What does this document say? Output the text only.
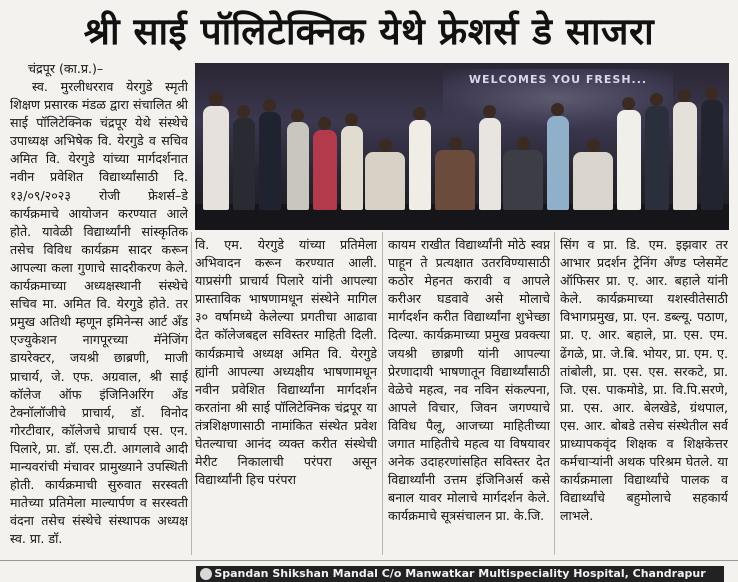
श्री साई पॉलिटेक्निक येथे फ्रेशर्स डे साजरा
चंद्रपूर (का.प्र.)–
स्व. मुरलीधरराव येरगुडे स्मृती शिक्षण प्रसारक मंडळ द्वारा संचालित श्री साई पॉलिटेक्निक चंद्रपूर येथे संस्थेचे उपाध्यक्ष अभिषेक वि. येरगुडे व सचिव अमित वि. येरगुडे यांच्या मार्गदर्शनात नवीन प्रवेशित विद्यार्थ्यांसाठी दि. १३/०९/२०२३ रोजी फ्रेशर्स–डे कार्यक्रमाचे आयोजन करण्यात आले होते. यावेळी विद्यार्थ्यांनी सांस्कृतिक तसेच विविध कार्यक्रम सादर करून आपल्या कला गुणाचे सादरीकरण केले. कार्यक्रमाच्या अध्यक्षस्थानी संस्थेचे सचिव मा. अमित वि. येरगुडे होते. तर प्रमुख अतिथी म्हणून इमिनेन्स आर्ट अँड एज्युकेशन नागपूरच्या मॅनेजिंग डायरेक्टर, जयश्री छाब्रणी, माजी प्राचार्य, जे. एफ. अग्रवाल, श्री साई कॉलेज ऑफ इंजिनिअरिंग अँड टेक्नॉलॉजीचे प्राचार्य, डॉ. विनोद गोरटीवार, कॉलेजचे प्राचार्य एस. एन. पिलारे, प्रा. डॉ. एस.टी. आगलावे आदी मान्यवरांची मंचावर प्रामुख्याने उपस्थिती होती. कार्यक्रमाची सुरुवात सरस्वती मातेच्या प्रतिमेला माल्यार्पण व सरस्वती वंदना तसेच संस्थेचे संस्थापक अध्यक्ष स्व. प्रा. डॉ.
WELCOMES YOU FRESH...
वि. एम. येरगुडे यांच्या प्रतिमेला अभिवादन करून करण्यात आली. याप्रसंगी प्राचार्य पिलारे यांनी आपल्या प्रास्ताविक भाषणामधून संस्थेने मागिल ३० वर्षामध्ये केलेल्या प्रगतीचा आढावा देत कॉलेजबद्दल सविस्तर माहिती दिली. कार्यक्रमाचे अध्यक्ष अमित वि. येरगुडे ह्यांनी आपल्या अध्यक्षीय भाषणामधून नवीन प्रवेशित विद्यार्थ्यांना मार्गदर्शन करतांना श्री साई पॉलिटेक्निक चंद्रपूर या तंत्रशिक्षणासाठी नामांकित संस्थेत प्रवेश घेतल्याचा आनंद व्यक्त करीत संस्थेची मेरीट निकालाची परंपरा असून विद्यार्थ्यांनी हिच परंपरा
कायम राखीत विद्यार्थ्यांनी मोठे स्वप्न पाहून ते प्रत्यक्षात उतरविण्यासाठी कठोर मेहनत करावी व आपले करीअर घडवावे असे मोलाचे मार्गदर्शन करीत विद्यार्थ्यांना शुभेच्छा दिल्या. कार्यक्रमाच्या प्रमुख प्रवक्त्या जयश्री छाब्रणी यांनी आपल्या प्रेरणादायी भाषणातून विद्यार्थ्यांसाठी वेळेचे महत्व, नव नविन संकल्पना, आपले विचार, जिवन जगण्याचे विविध पैलू, आजच्या माहितीच्या जगात माहितीचे महत्व या विषयावर अनेक उदाहरणांसहित सविस्तर देत विद्यार्थ्यांनी उत्तम इंजिनिअर्स कसे बनाल यावर मोलाचे मार्गदर्शन केले. कार्यक्रमाचे सूत्रसंचालन प्रा. के.जि.
सिंग व प्रा. डि. एम. इझवार तर आभार प्रदर्शन ट्रेनिंग अँण्ड प्लेसमेंट ऑफिसर प्रा. ए. आर. बहाले यांनी केले. कार्यक्रमाच्या यशस्वीतेसाठी विभागप्रमुख, प्रा. एन. डब्ल्यू. पठाण, प्रा. ए. आर. बहाले, प्रा. एस. एम. ढेंगळे, प्रा. जे.बि. भोयर, प्रा. एम. ए. तांबोली, प्रा. एस. एस. सरकटे, प्रा. जि. एस. पाकमोडे, प्रा. वि.पि.सरणे, प्रा. एस. आर. बेलखेडे, ग्रंथपाल, एस. आर. बोबडे तसेच संस्थेतील सर्व प्राध्यापकवृंद शिक्षक व शिक्षकेत्तर कर्मचाऱ्यांनी अथक परिश्रम घेतले. या कार्यक्रमाला विद्यार्थ्यांचे पालक व विद्यार्थ्यांचे बहुमोलाचे सहकार्य लाभले.
Spandan Shikshan Mandal C/o Manwatkar Multispeciality Hospital, Chandrapur
